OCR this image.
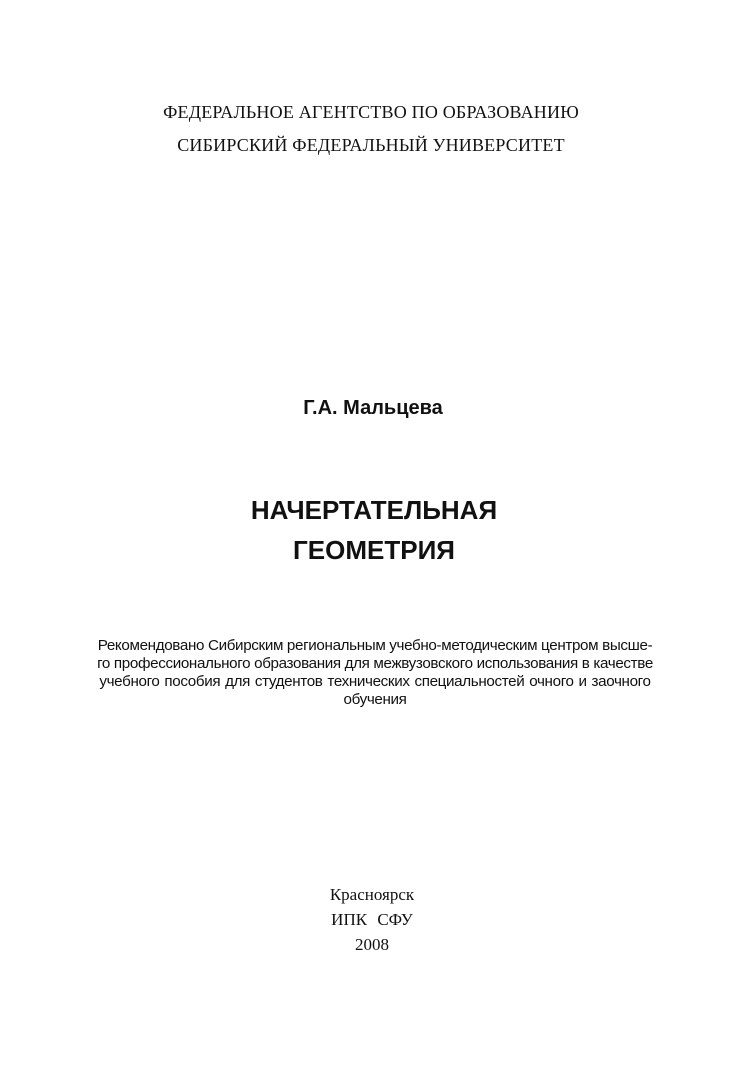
ФЕДЕРАЛЬНОЕ АГЕНТСТВО ПО ОБРАЗОВАНИЮ
СИБИРСКИЙ ФЕДЕРАЛЬНЫЙ УНИВЕРСИТЕТ
Г.А. Мальцева
НАЧЕРТАТЕЛЬНАЯ
ГЕОМЕТРИЯ
Рекомендовано Сибирским региональным учебно-методическим центром высше-
го профессионального образования для межвузовского использования в качестве
учебного пособия для студентов технических специальностей очного и заочного
обучения
Красноярск
ИПК СФУ
2008
